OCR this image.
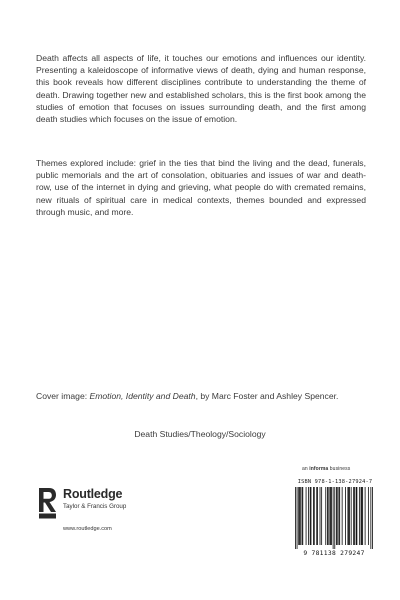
Death affects all aspects of life, it touches our emotions and influences our identity. Presenting a kaleidoscope of informative views of death, dying and human response, this book reveals how different disciplines contribute to understanding the theme of death. Drawing together new and established scholars, this is the first book among the studies of emotion that focuses on issues surrounding death, and the first among death studies which focuses on the issue of emotion.

Themes explored include: grief in the ties that bind the living and the dead, funerals, public memorials and the art of consolation, obituaries and issues of war and death-row, use of the internet in dying and grieving, what people do with cremated remains, new rituals of spiritual care in medical contexts, themes bounded and expressed through music, and more.

Cover image: Emotion, Identity and Death, by Marc Foster and Ashley Spencer.

Death Studies/Theology/Sociology
an informa business
ROUTLEDGE
Routledge
Taylor & Francis Group
www.routledge.com
ISBN 978-1-138-27924-7
9 781138 279247
